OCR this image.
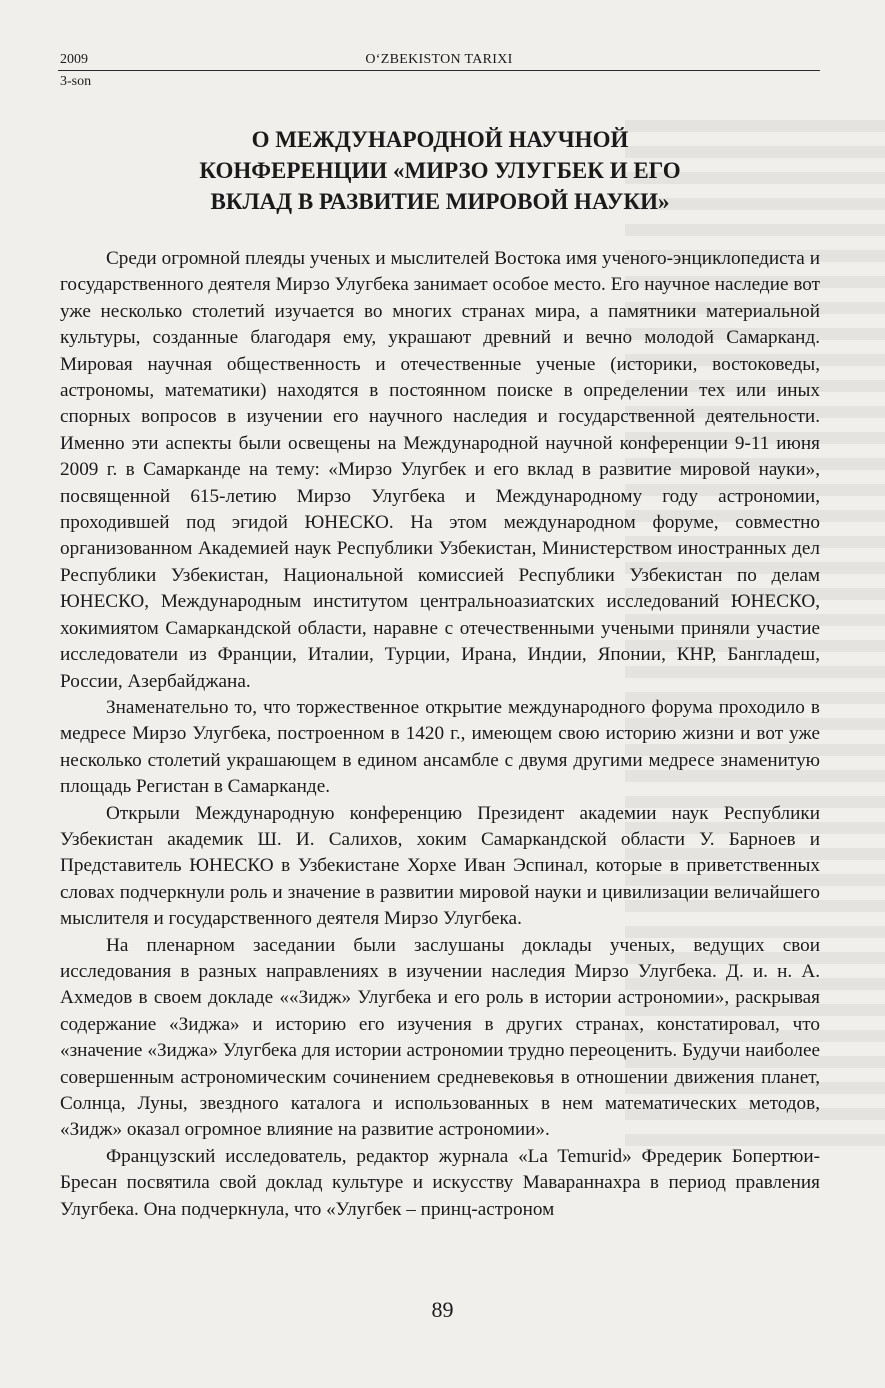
2009	O‘ZBEKISTON TARIXI
3-son
О МЕЖДУНАРОДНОЙ НАУЧНОЙ
КОНФЕРЕНЦИИ «МИРЗО УЛУГБЕК И ЕГО
ВКЛАД В РАЗВИТИЕ МИРОВОЙ НАУКИ»

Среди огромной плеяды ученых и мыслителей Востока имя ученого-энциклопедиста и государственного деятеля Мирзо Улугбека занимает особое место. Его научное наследие вот уже несколько столетий изучается во многих странах мира, а памятники материальной культуры, созданные благодаря ему, украшают древний и вечно молодой Самарканд. Мировая научная общественность и отечественные ученые (историки, востоковеды, астрономы, математики) находятся в постоянном поиске в определении тех или иных спорных вопросов в изучении его научного наследия и государственной деятельности. Именно эти аспекты были освещены на Международной научной конференции 9-11 июня 2009 г. в Самарканде на тему: «Мирзо Улугбек и его вклад в развитие мировой науки», посвященной 615-летию Мирзо Улугбека и Международному году астрономии, проходившей под эгидой ЮНЕСКО. На этом международном форуме, совместно организованном Академией наук Республики Узбекистан, Министерством иностранных дел Республики Узбекистан, Национальной комиссией Республики Узбекистан по делам ЮНЕСКО, Международным институтом центральноазиатских исследований ЮНЕСКО, хокимиятом Самаркандской области, наравне с отечественными учеными приняли участие исследователи из Франции, Италии, Турции, Ирана, Индии, Японии, КНР, Бангладеш, России, Азербайджана.

Знаменательно то, что торжественное открытие международного форума проходило в медресе Мирзо Улугбека, построенном в 1420 г., имеющем свою историю жизни и вот уже несколько столетий украшающем в едином ансамбле с двумя другими медресе знаменитую площадь Регистан в Самарканде.

Открыли Международную конференцию Президент академии наук Республики Узбекистан академик Ш. И. Салихов, хоким Самаркандской области У. Барноев и Представитель ЮНЕСКО в Узбекистане Хорхе Иван Эспинал, которые в приветственных словах подчеркнули роль и значение в развитии мировой науки и цивилизации величайшего мыслителя и государственного деятеля Мирзо Улугбека.

На пленарном заседании были заслушаны доклады ученых, ведущих свои исследования в разных направлениях в изучении наследия Мирзо Улугбека. Д. и. н. А. Ахмедов в своем докладе ««Зидж» Улугбека и его роль в истории астрономии», раскрывая содержание «Зиджа» и историю его изучения в других странах, констатировал, что «значение «Зиджа» Улугбека для истории астрономии трудно переоценить. Будучи наиболее совершенным астрономическим сочинением средневековья в отношении движения планет, Солнца, Луны, звездного каталога и использованных в нем математических методов, «Зидж» оказал огромное влияние на развитие астрономии».

Французский исследователь, редактор журнала «La Temurid» Фредерик Бопертюи-Бресан посвятила свой доклад культуре и искусству Мавараннахра в период правления Улугбека. Она подчеркнула, что «Улугбек – принц-астроном

89
